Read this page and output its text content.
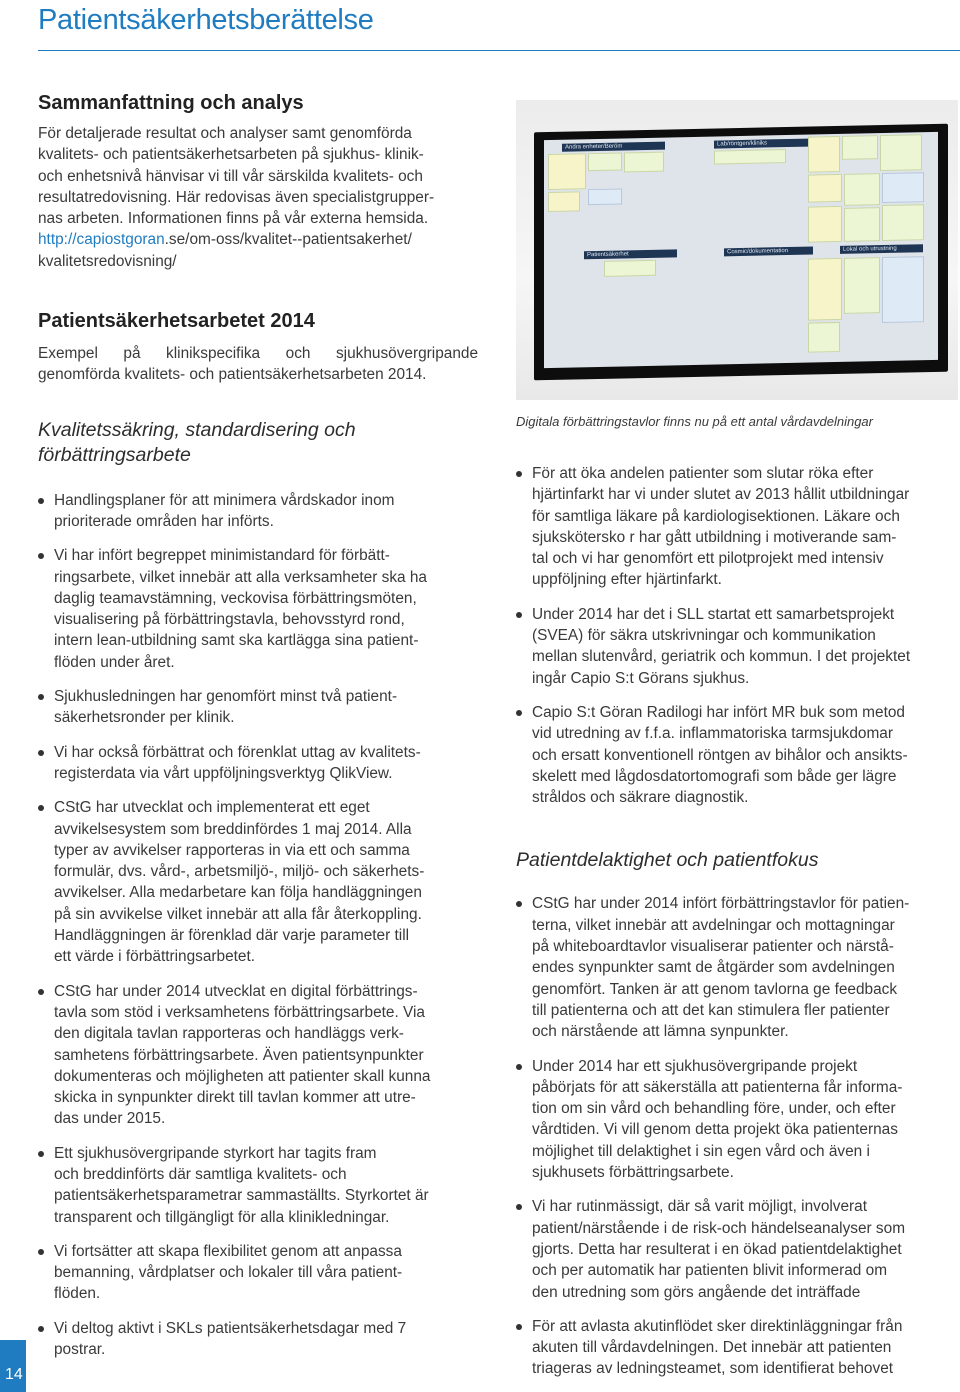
Patientsäkerhetsberättelse
Sammanfattning och analys
För detaljerade resultat och analyser samt genomförda
kvalitets- och patientsäkerhetsarbeten på sjukhus- klinik-
och enhetsnivå hänvisar vi till vår särskilda kvalitets- och
resultatredovisning. Här redovisas även specialistgrupper-
nas arbeten. Informationen finns på vår externa hemsida.
http://capiostgoran.se/om-oss/kvalitet--patientsakerhet/
kvalitetsredovisning/
Patientsäkerhetsarbetet 2014
Exempel på klinikspecifika och sjukhusövergripande
genomförda kvalitets- och patientsäkerhetsarbeten 2014.
Kvalitetssäkring, standardisering och
förbättringsarbete
Handlingsplaner för att minimera vårdskador inom
prioriterade områden har införts.
Vi har infört begreppet minimistandard för förbätt-
ringsarbete, vilket innebär att alla verksamheter ska ha
daglig teamavstämning, veckovisa förbättringsmöten,
visualisering på förbättringstavla, behovsstyrd rond,
intern lean-utbildning samt ska kartlägga sina patient-
flöden under året.
Sjukhusledningen har genomfört minst två patient-
säkerhetsronder per klinik.
Vi har också förbättrat och förenklat uttag av kvalitets-
registerdata via vårt uppföljningsverktyg QlikView.
CStG har utvecklat och implementerat ett eget
avvikelsesystem som breddinfördes 1 maj 2014. Alla
typer av avvikelser rapporteras in via ett och samma
formulär, dvs. vård-, arbetsmiljö-, miljö- och säkerhets-
avvikelser. Alla medarbetare kan följa handläggningen
på sin avvikelse vilket innebär att alla får återkoppling.
Handläggningen är förenklad där varje parameter till
ett värde i förbättringsarbetet.
CStG har under 2014 utvecklat en digital förbättrings-
tavla som stöd i verksamhetens förbättringsarbete. Via
den digitala tavlan rapporteras och handläggs verk-
samhetens förbättringsarbete. Även patientsynpunkter
dokumenteras och möjligheten att patienter skall kunna
skicka in synpunkter direkt till tavlan kommer att utre-
das under 2015.
Ett sjukhusövergripande styrkort har tagits fram
och breddinförts där samtliga kvalitets- och
patientsäkerhetsparametrar sammaställts. Styrkortet är
transparent och tillgängligt för alla klinikledningar.
Vi fortsätter att skapa flexibilitet genom att anpassa
bemanning, vårdplatser och lokaler till våra patient-
flöden.
Vi deltog aktivt i SKLs patientsäkerhetsdagar med 7
postrar.
Andra enheter/Beröm	Lab/röntgen/kliniks
Patientsäkerhet	Cosmic/dokumentation	Lokal och utrustning
Digitala förbättringstavlor finns nu på ett antal vårdavdelningar
För att öka andelen patienter som slutar röka efter
hjärtinfarkt har vi under slutet av 2013 hållit utbildningar
för samtliga läkare på kardiologisektionen. Läkare och
sjukskötersko r har gått utbildning i motiverande sam-
tal och vi har genomfört ett pilotprojekt med intensiv
uppföljning efter hjärtinfarkt.
Under 2014 har det i SLL startat ett samarbetsprojekt
(SVEA) för säkra utskrivningar och kommunikation
mellan slutenvård, geriatrik och kommun. I det projektet
ingår Capio S:t Görans sjukhus.
Capio S:t Göran Radilogi har infört MR buk som metod
vid utredning av f.f.a. inflammatoriska tarmsjukdomar
och ersatt konventionell röntgen av bihålor och ansikts-
skelett med lågdosdatortomografi som både ger lägre
stråldos och säkrare diagnostik.
Patientdelaktighet och patientfokus
CStG har under 2014 infört förbättringstavlor för patien-
terna, vilket innebär att avdelningar och mottagningar
på whiteboardtavlor visualiserar patienter och närstå-
endes synpunkter samt de åtgärder som avdelningen
genomfört. Tanken är att genom tavlorna ge feedback
till patienterna och att det kan stimulera fler patienter
och närstående att lämna synpunkter.
Under 2014 har ett sjukhusövergripande projekt
påbörjats för att säkerställa att patienterna får informa-
tion om sin vård och behandling före, under, och efter
vårdtiden. Vi vill genom detta projekt öka patienternas
möjlighet till delaktighet i sin egen vård och även i
sjukhusets förbättringsarbete.
Vi har rutinmässigt, där så varit möjligt, involverat
patient/närstående i de risk-och händelseanalyser som
gjorts. Detta har resulterat i en ökad patientdelaktighet
och per automatik har patienten blivit informerad om
den utredning som görs angående det inträffade
För att avlasta akutinflödet sker direktinläggningar från
akuten till vårdavdelningen. Det innebär att patienten
triageras av ledningsteamet, som identifierat behovet
14
